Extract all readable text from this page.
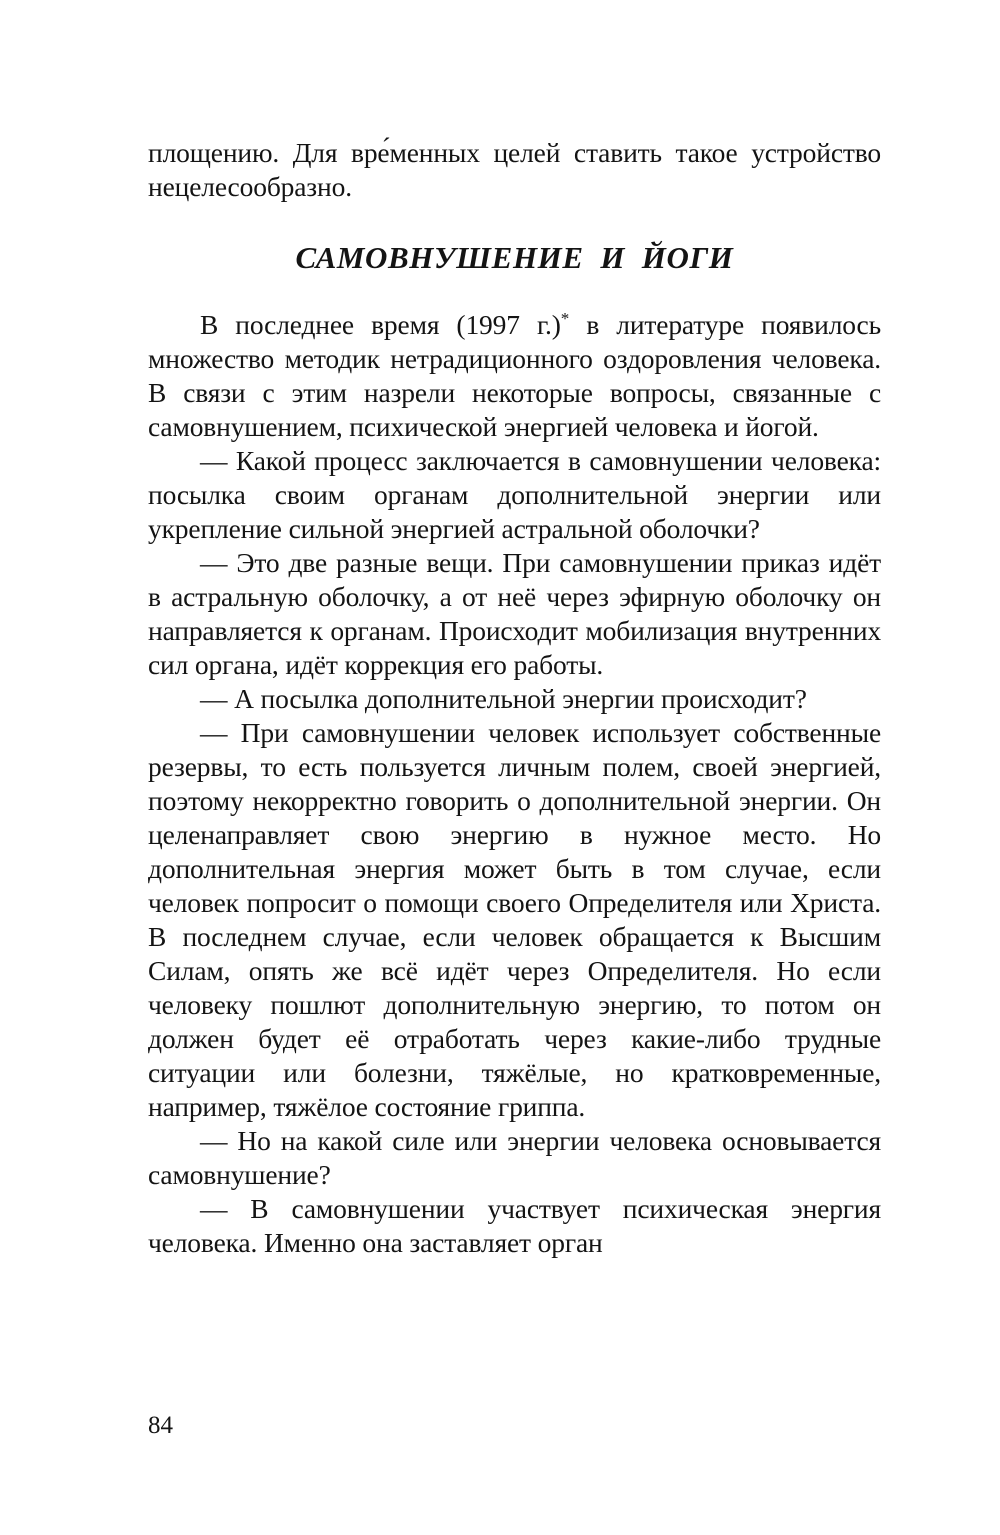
площению. Для вре́менных целей ставить такое устройство нецелесообразно.

САМОВНУШЕНИЕ  И  ЙОГИ

В последнее время (1997 г.)* в литературе появилось множество методик нетрадиционного оздоровления человека. В связи с этим назрели некоторые вопросы, связанные с самовнушением, психической энергией человека и йогой.

— Какой процесс заключается в самовнушении человека: посылка своим органам дополнительной энергии или укрепление сильной энергией астральной оболочки?

— Это две разные вещи. При самовнушении приказ идёт в астральную оболочку, а от неё через эфирную оболочку он направляется к органам. Происходит мобилизация внутренних сил органа, идёт коррекция его работы.

— А посылка дополнительной энергии происходит?

— При самовнушении человек использует собственные резервы, то есть пользуется личным полем, своей энергией, поэтому некорректно говорить о дополнительной энергии. Он целенаправляет свою энергию в нужное место. Но дополнительная энергия может быть в том случае, если человек попросит о помощи своего Определителя или Христа. В последнем случае, если человек обращается к Высшим Силам, опять же всё идёт через Определителя. Но если человеку пошлют дополнительную энергию, то потом он должен будет её отработать через какие-либо трудные ситуации или болезни, тяжёлые, но кратковременные, например, тяжёлое состояние гриппа.

— Но на какой силе или энергии человека основывается самовнушение?

— В самовнушении участвует психическая энергия человека. Именно она заставляет орган

84
